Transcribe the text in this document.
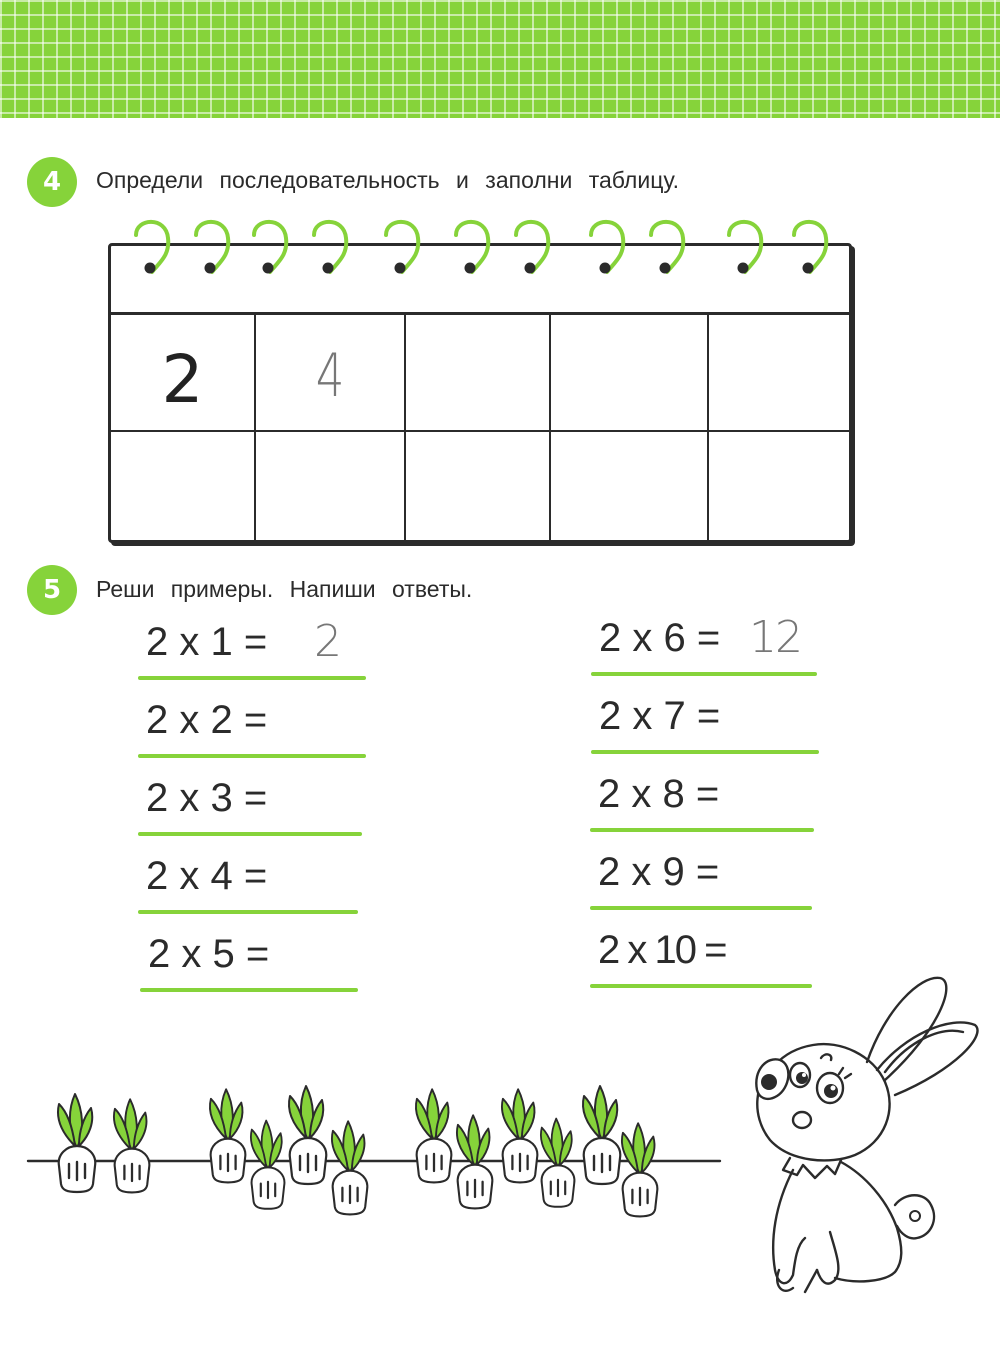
4 Определи последовательность и заполни таблицу.
2 4
5 Реши примеры. Напиши ответы.
2 x 1 = 2
2 x 2 =
2 x 3 =
2 x 4 =
2 x 5 =
2 x 6 = 12
2 x 7 =
2 x 8 =
2 x 9 =
2 x 10 =
